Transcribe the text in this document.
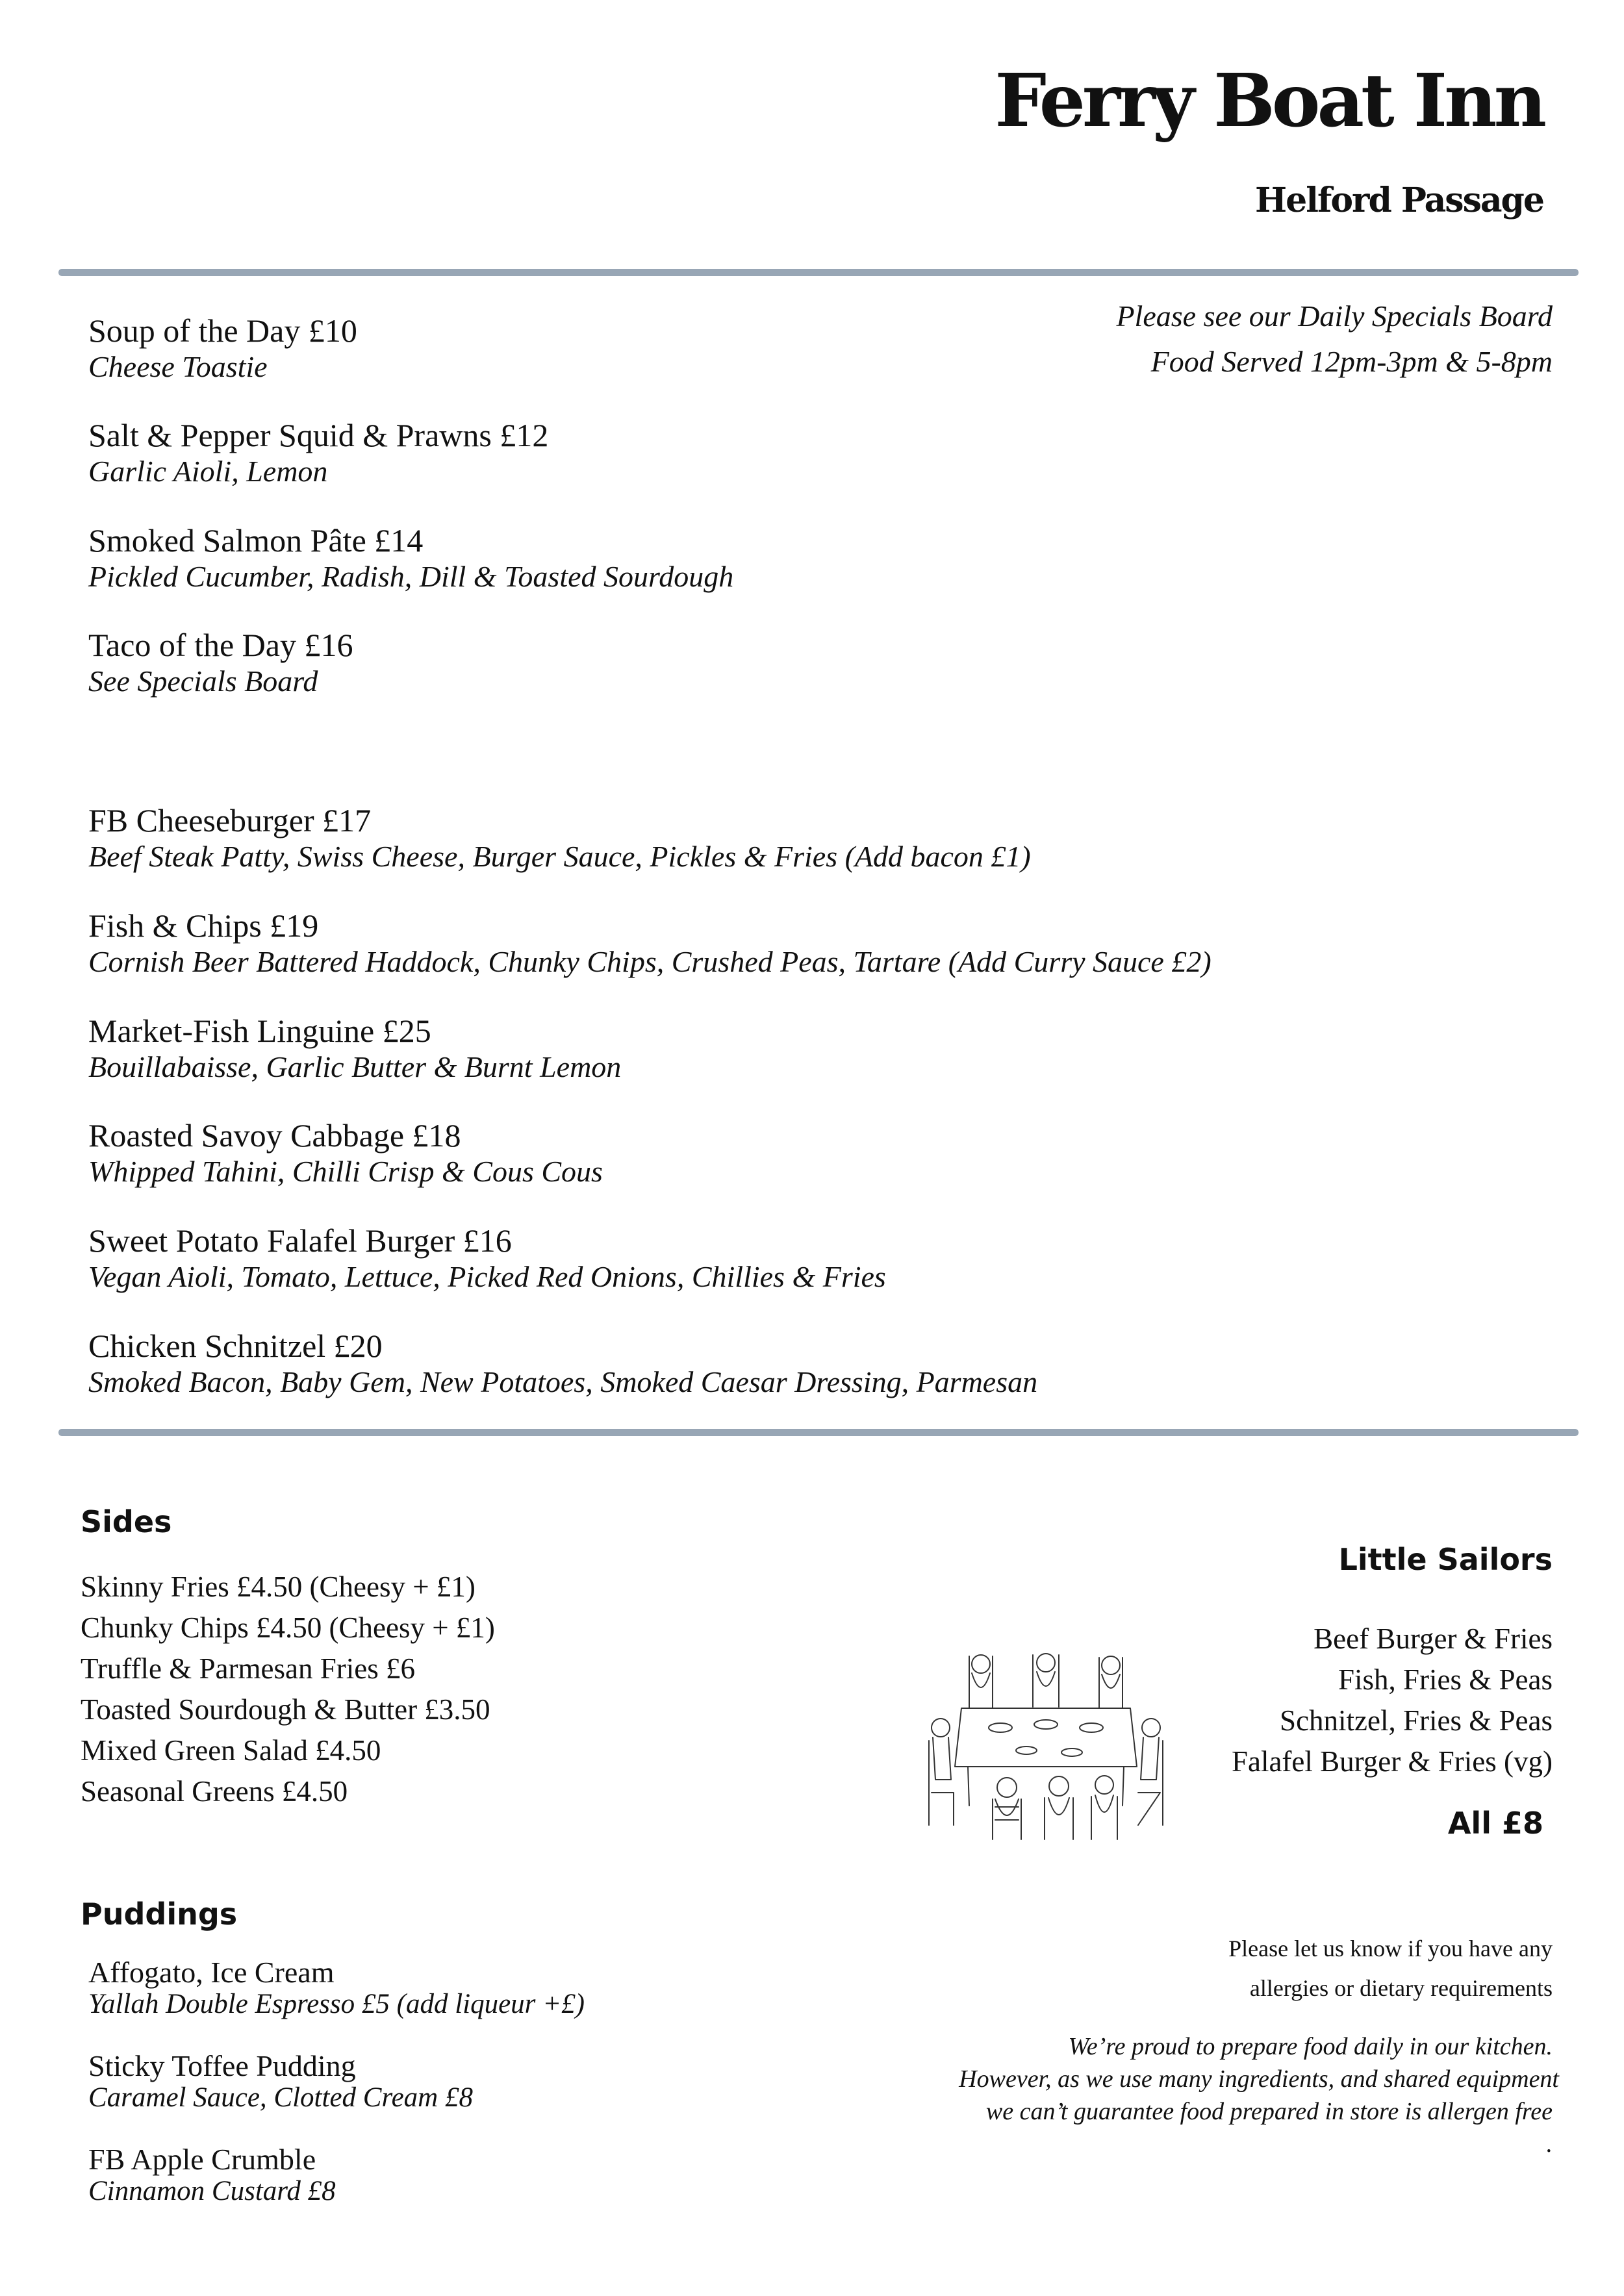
Ferry Boat Inn
Helford Passage
Please see our Daily Specials Board
Food Served 12pm-3pm & 5-8pm
Soup of the Day £10
Cheese Toastie
Salt & Pepper Squid & Prawns £12
Garlic Aioli, Lemon
Smoked Salmon Pâte £14
Pickled Cucumber, Radish, Dill & Toasted Sourdough
Taco of the Day £16
See Specials Board
FB Cheeseburger £17
Beef Steak Patty, Swiss Cheese, Burger Sauce, Pickles & Fries (Add bacon £1)
Fish & Chips £19
Cornish Beer Battered Haddock, Chunky Chips, Crushed Peas, Tartare (Add Curry Sauce £2)
Market-Fish Linguine £25
Bouillabaisse, Garlic Butter & Burnt Lemon
Roasted Savoy Cabbage £18
Whipped Tahini, Chilli Crisp & Cous Cous
Sweet Potato Falafel Burger £16
Vegan Aioli, Tomato, Lettuce, Picked Red Onions, Chillies & Fries
Chicken Schnitzel £20
Smoked Bacon, Baby Gem, New Potatoes, Smoked Caesar Dressing, Parmesan
Sides
Skinny Fries £4.50 (Cheesy + £1)
Chunky Chips £4.50 (Cheesy + £1)
Truffle & Parmesan Fries £6
Toasted Sourdough & Butter £3.50
Mixed Green Salad £4.50
Seasonal Greens £4.50
Puddings
Affogato, Ice Cream
Yallah Double Espresso £5 (add liqueur +£)
Sticky Toffee Pudding
Caramel Sauce, Clotted Cream £8
FB Apple Crumble
Cinnamon Custard £8
Little Sailors
Beef Burger & Fries
Fish, Fries & Peas
Schnitzel, Fries & Peas
Falafel Burger & Fries (vg)
All £8
Please let us know if you have any
allergies or dietary requirements
We’re proud to prepare food daily in our kitchen.
However, as we use many ingredients, and shared equipment
we can’t guarantee food prepared in store is allergen free
.
